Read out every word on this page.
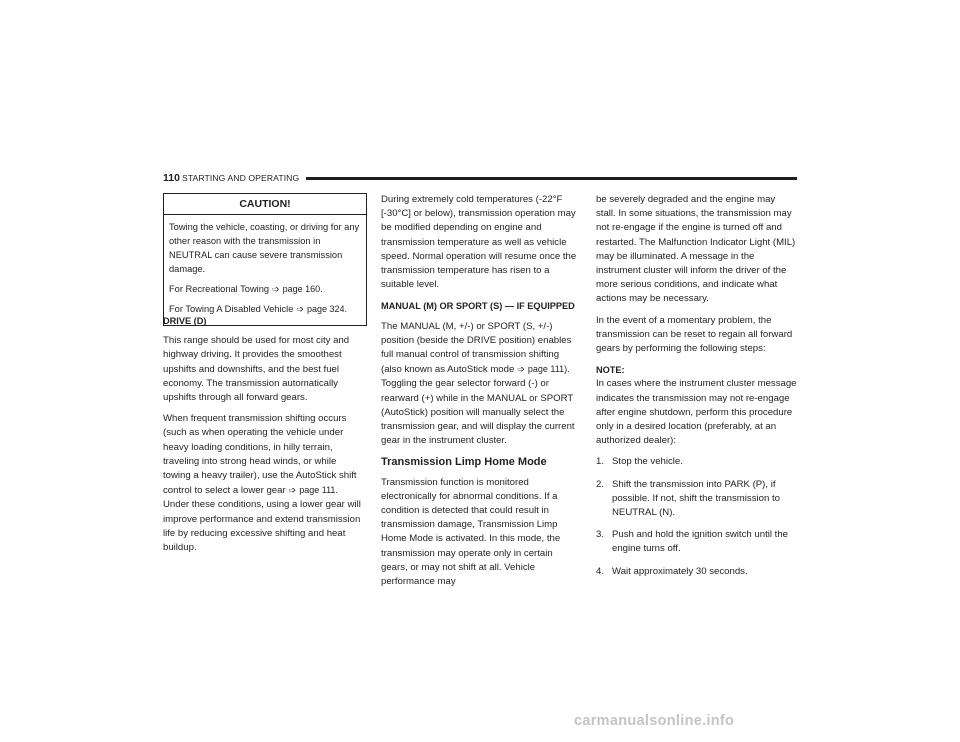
110 STARTING AND OPERATING
CAUTION!

Towing the vehicle, coasting, or driving for any other reason with the transmission in NEUTRAL can cause severe transmission damage.

For Recreational Towing ➩ page 160.

For Towing A Disabled Vehicle ➩ page 324.

DRIVE (D)

This range should be used for most city and highway driving. It provides the smoothest upshifts and downshifts, and the best fuel economy. The transmission automatically upshifts through all forward gears.

When frequent transmission shifting occurs (such as when operating the vehicle under heavy loading conditions, in hilly terrain, traveling into strong head winds, or while towing a heavy trailer), use the AutoStick shift control to select a lower gear ➩ page 111. Under these conditions, using a lower gear will improve performance and extend transmission life by reducing excessive shifting and heat buildup.

During extremely cold temperatures (-22°F [-30°C] or below), transmission operation may be modified depending on engine and transmission temperature as well as vehicle speed. Normal operation will resume once the transmission temperature has risen to a suitable level.

MANUAL (M) OR SPORT (S) — IF EQUIPPED

The MANUAL (M, +/-) or SPORT (S, +/-) position (beside the DRIVE position) enables full manual control of transmission shifting (also known as AutoStick mode ➩ page 111). Toggling the gear selector forward (-) or rearward (+) while in the MANUAL or SPORT (AutoStick) position will manually select the transmission gear, and will display the current gear in the instrument cluster.

Transmission Limp Home Mode

Transmission function is monitored electronically for abnormal conditions. If a condition is detected that could result in transmission damage, Transmission Limp Home Mode is activated. In this mode, the transmission may operate only in certain gears, or may not shift at all. Vehicle performance may

be severely degraded and the engine may stall. In some situations, the transmission may not re-engage if the engine is turned off and restarted. The Malfunction Indicator Light (MIL) may be illuminated. A message in the instrument cluster will inform the driver of the more serious conditions, and indicate what actions may be necessary.

In the event of a momentary problem, the transmission can be reset to regain all forward gears by performing the following steps:

NOTE:
In cases where the instrument cluster message indicates the transmission may not re-engage after engine shutdown, perform this procedure only in a desired location (preferably, at an authorized dealer):

1. Stop the vehicle.
2. Shift the transmission into PARK (P), if possible. If not, shift the transmission to NEUTRAL (N).
3. Push and hold the ignition switch until the engine turns off.
4. Wait approximately 30 seconds.
carmanualsonline.info
